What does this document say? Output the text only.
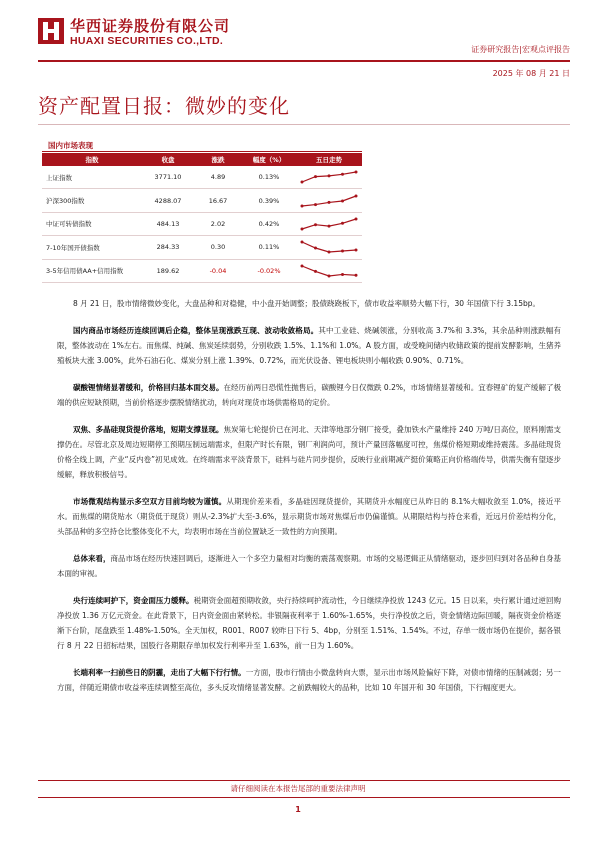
华西证券股份有限公司
HUAXI SECURITIES CO.,LTD.
证券研究报告|宏观点评报告
2025 年 08 月 21 日
资产配置日报：微妙的变化
国内市场表现
指数	收盘	涨跌	幅度（%）	五日走势
上证指数	3771.10	4.89	0.13%	

沪深300指数	4288.07	16.67	0.39%	

中证可转债指数	484.13	2.02	0.42%	

7-10年国开债指数	284.33	0.30	0.11%	

3-5年信用债AA+信用指数	189.62	-0.04	-0.02%	

8 月 21 日，股市情绪微妙变化，大盘品种和对稳健，中小盘开始调整；股债跷跷板下，债市收益率顺势大幅下行，30 年国债下行 3.15bp。

国内商品市场经历连续回调后企稳，整体呈现涨跌互现、波动收敛格局。其中工业硅、烧碱领涨，分别收高 3.7%和 3.3%，其余品种则涨跌幅有限，整体波动在 1%左右。而焦煤、纯碱、焦炭延续弱势，分别收跌 1.5%、1.1%和 1.0%。A 股方面，或受晚间储内收储政策的提前发酵影响，生猪养殖板块大涨 3.00%，此外石油石化、煤炭分别上涨 1.39%、0.72%，而光伏设备、锂电板块则小幅收跌 0.90%、0.71%。

碳酸锂情绪显著缓和，价格回归基本面交易。在经历前两日恐慌性抛售后，碳酸锂今日仅微跌 0.2%，市场情绪显著缓和。宜春锂矿的复产缓解了极端的供应短缺预期，当前价格逐步摆脱情绪扰动，转向对现货市场供需格局的定价。

双焦、多晶硅现货提价落地，短期支撑显现。焦炭第七轮提价已在河北、天津等地部分钢厂接受，叠加铁水产量维持 240 万吨/日高位，原料刚需支撑仍在。尽管北京及周边短期停工预期压制远端需求，但限产时长有限，钢厂利润尚可，预计产量回落幅度可控，焦煤价格短期或维持震荡。多晶硅现货价格全线上调，产业“反内卷”初见成效。在终端需求平淡背景下，硅料与硅片同步提价，反映行业前期减产挺价策略正向价格端传导，供需失衡有望逐步缓解，释放积极信号。

市场微观结构显示多空双方目前均较为谨慎。从期现价差来看，多晶硅因现货提价，其期货升水幅度已从昨日的 8.1%大幅收敛至 1.0%，接近平水。而焦煤的期货贴水（期货低于现货）则从-2.3%扩大至-3.6%，显示期货市场对焦煤后市仍偏谨慎。从期限结构与持仓来看，近远月价差结构分化，头部品种的多空持仓比整体变化不大，均表明市场在当前位置缺乏一致性的方向预期。

总体来看，商品市场在经历快速回调后，逐渐进入一个多空力量相对均衡的震荡观察期。市场的交易逻辑正从情绪驱动，逐步回归到对各品种自身基本面的审视。

央行连续呵护下，资金面压力缓释。税期资金面超预期收敛，央行持续呵护流动性，今日继续净投放 1243 亿元。15 日以来，央行累计通过逆回购净投放 1.36 万亿元资金。在此背景下，日内资金面由紧转松。非银隔夜利率于 1.60%-1.65%，央行净投放之后，资金情绪边际回暖，隔夜资金价格逐渐下台阶，尾盘跌至 1.48%-1.50%。全天加权，R001、R007 较昨日下行 5、4bp，分别至 1.51%、1.54%。不过，存单一级市场仍在提价，据各银行 8 月 22 日招标结果，国股行各期限存单加权发行利率升至 1.63%，前一日为 1.60%。

长端利率一扫前些日的阴霾，走出了大幅下行行情。一方面，股市行情由小微盘转向大票，显示出市场风险偏好下降，对债市情绪的压制减弱；另一方面，伴随近期债市收益率连续调整至高位，多头反攻情绪显著发酵。之前跌幅较大的品种，比如 10 年国开和 30 年国债，下行幅度更大。

请仔细阅读在本报告尾部的重要法律声明
1
